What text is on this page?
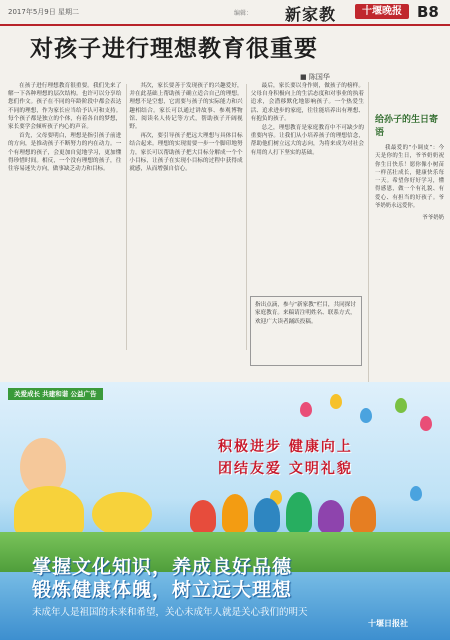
2017年5月9日 星期二	编辑： 新家教	十堰晚报	B8
对孩子进行理想教育很重要
■ 陈国华

在孩子进行理想教育很重要。我们先来了解一下各种理想的层次结构。也许可以分享给您们作文。孩子在不同的年龄阶段中都会表达不同的理想，作为家长应当给予认可和支持。每个孩子都是独立的个体，有着各自的梦想，家长要学会倾听孩子内心的声音。

首先，父母要明白，理想是指引孩子前进的方向，是推动孩子不断努力的内在动力。一个有理想的孩子，会更加自觉地学习，更加懂得珍惜时间。相反，一个没有理想的孩子，往往容易迷失方向，做事缺乏动力和目标。

其次，家长要善于发现孩子的兴趣爱好，并在此基础上帮助孩子确立适合自己的理想。理想不是空想，它需要与孩子的实际能力和兴趣相结合。家长可以通过讲故事、参观博物馆、阅读名人传记等方式，帮助孩子开阔视野。

再次，要引导孩子把远大理想与具体目标结合起来。理想的实现需要一步一个脚印地努力，家长可以帮助孩子把大目标分解成一个个小目标，让孩子在实现小目标的过程中获得成就感，从而增强自信心。

最后，家长要以身作则，做孩子的榜样。父母自身积极向上的生活态度和对事业的执着追求，会潜移默化地影响孩子。一个热爱生活、追求进步的家庭，往往能培养出有理想、有抱负的孩子。

总之，理想教育是家庭教育中不可缺少的重要内容。让我们从小培养孩子的理想信念，帮助他们树立远大的志向，为将来成为对社会有用的人打下坚实的基础。

指出点滴，参与“新家教”栏目，共同探讨家庭教育。来稿请注明姓名、联系方式，欢迎广大读者踊跃投稿。
给孙子的生日寄语

我最爱的“小调皮”：今天是你的生日，爷爷奶奶祝你生日快乐！愿你像小树苗一样茁壮成长，健康快乐每一天。希望你好好学习，懂得感恩，做一个有礼貌、有爱心、有担当的好孩子。爷爷奶奶永远爱你。

爷爷奶奶
关爱成长 共建和谐 公益广告
积极进步 健康向上
团结友爱 文明礼貌
掌握文化知识，养成良好品德
锻炼健康体魄，树立远大理想
未成年人是祖国的未来和希望，关心未成年人就是关心我们的明天
十堰日报社
